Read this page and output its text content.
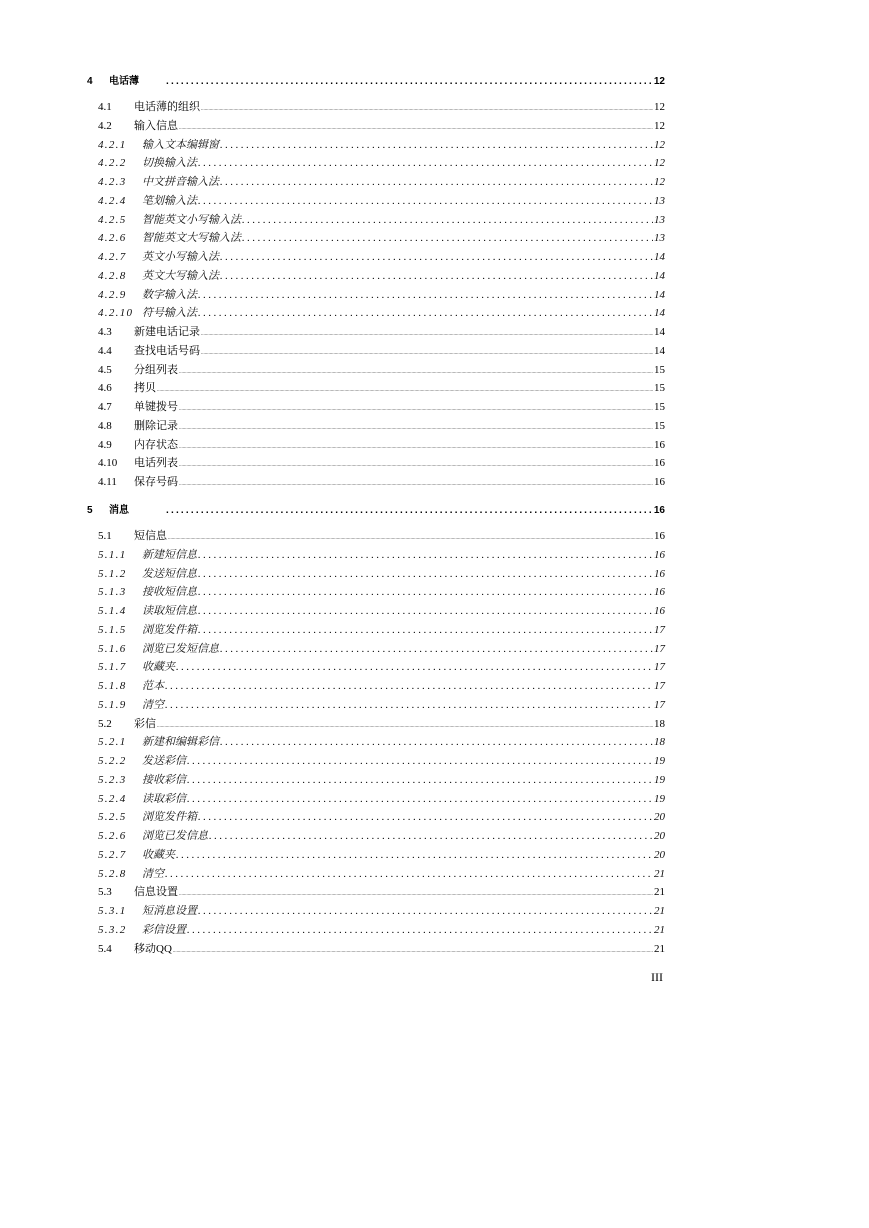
4	电话薄 .....	12
4.1	电话薄的组织 .....	12
4.2	输入信息 .....	12
4.2.1	输入文本编辑窗 .....	12
4.2.2	切换输入法 .....	12
4.2.3	中文拼音输入法 .....	12
4.2.4	笔划输入法 .....	13
4.2.5	智能英文小写输入法 .....	13
4.2.6	智能英文大写输入法 .....	13
4.2.7	英文小写输入法 .....	14
4.2.8	英文大写输入法 .....	14
4.2.9	数字输入法 .....	14
4.2.10 符号输入法 .....	14
4.3	新建电话记录 .....	14
4.4	查找电话号码 .....	14
4.5	分组列表 .....	15
4.6	拷贝 .....	15
4.7	单键拨号 .....	15
4.8	删除记录 .....	15
4.9	内存状态 .....	16
4.10	电话列表 .....	16
4.11	保存号码 .....	16
5	消息 .....	16
5.1	短信息 .....	16
5.1.1	新建短信息 .....	16
5.1.2	发送短信息 .....	16
5.1.3	接收短信息 .....	16
5.1.4	读取短信息 .....	16
5.1.5	浏览发件箱 .....	17
5.1.6	浏览已发短信息 .....	17
5.1.7	收藏夹 .....	17
5.1.8	范本 .....	17
5.1.9	清空 .....	17
5.2	彩信 .....	18
5.2.1	新建和编辑彩信 .....	18
5.2.2	发送彩信 .....	19
5.2.3	接收彩信 .....	19
5.2.4	读取彩信 .....	19
5.2.5	浏览发件箱 .....	20
5.2.6	浏览已发信息 .....	20
5.2.7	收藏夹 .....	20
5.2.8	清空 .....	21
5.3	信息设置 .....	21
5.3.1	短消息设置 .....	21
5.3.2	彩信设置 .....	21
5.4	移动QQ .....	21
III
